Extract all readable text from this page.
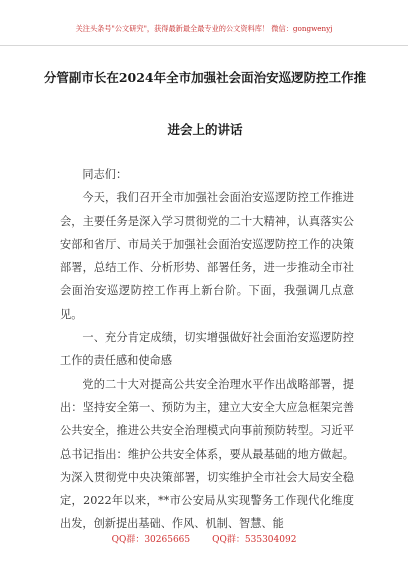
关注头条号"公文研究"，获得最新最全最专业的公文资料库！ 微信：gongwenyj
分管副市长在2024年全市加强社会面治安巡逻防控工作推
进会上的讲话

同志们：

今天，我们召开全市加强社会面治安巡逻防控工作推进会，主要任务是深入学习贯彻党的二十大精神，认真落实公安部和省厅、市局关于加强社会面治安巡逻防控工作的决策部署，总结工作、分析形势、部署任务，进一步推动全市社会面治安巡逻防控工作再上新台阶。下面，我强调几点意见。

一、充分肯定成绩，切实增强做好社会面治安巡逻防控工作的责任感和使命感

党的二十大对提高公共安全治理水平作出战略部署，提出：坚持安全第一、预防为主，建立大安全大应急框架完善公共安全，推进公共安全治理模式向事前预防转型。习近平总书记指出：维护公共安全体系，要从最基础的地方做起。为深入贯彻党中央决策部署，切实维护全市社会大局安全稳定，2022年以来，**市公安局从实现警务工作现代化维度出发，创新提出基础、作风、机制、智慧、能

QQ群：30265665 QQ群：535304092
